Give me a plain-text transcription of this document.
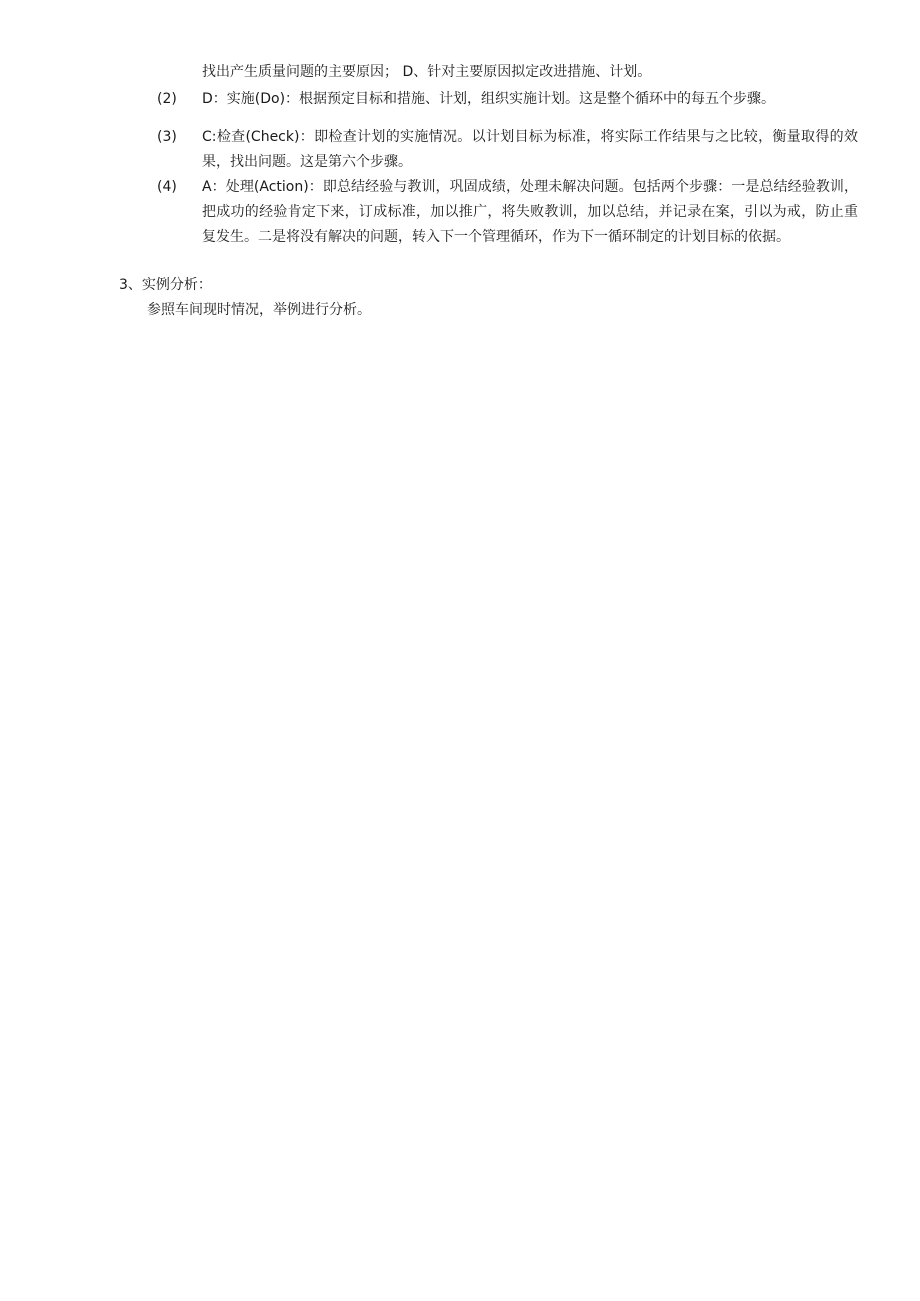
找出产生质量问题的主要原因； D、针对主要原因拟定改进措施、计划。
(2) D：实施(Do)：根据预定目标和措施、计划，组织实施计划。这是整个循环中的每五个步骤。
(3) C:检查(Check)：即检查计划的实施情况。以计划目标为标准，将实际工作结果与之比较，衡量取得的效果，找出问题。这是第六个步骤。
(4) A：处理(Action)：即总结经验与教训，巩固成绩，处理未解决问题。包括两个步骤：一是总结经验教训，把成功的经验肯定下来，订成标准，加以推广，将失败教训，加以总结，并记录在案，引以为戒，防止重复发生。二是将没有解决的问题，转入下一个管理循环，作为下一循环制定的计划目标的依据。
3、实例分析：
参照车间现时情况，举例进行分析。
